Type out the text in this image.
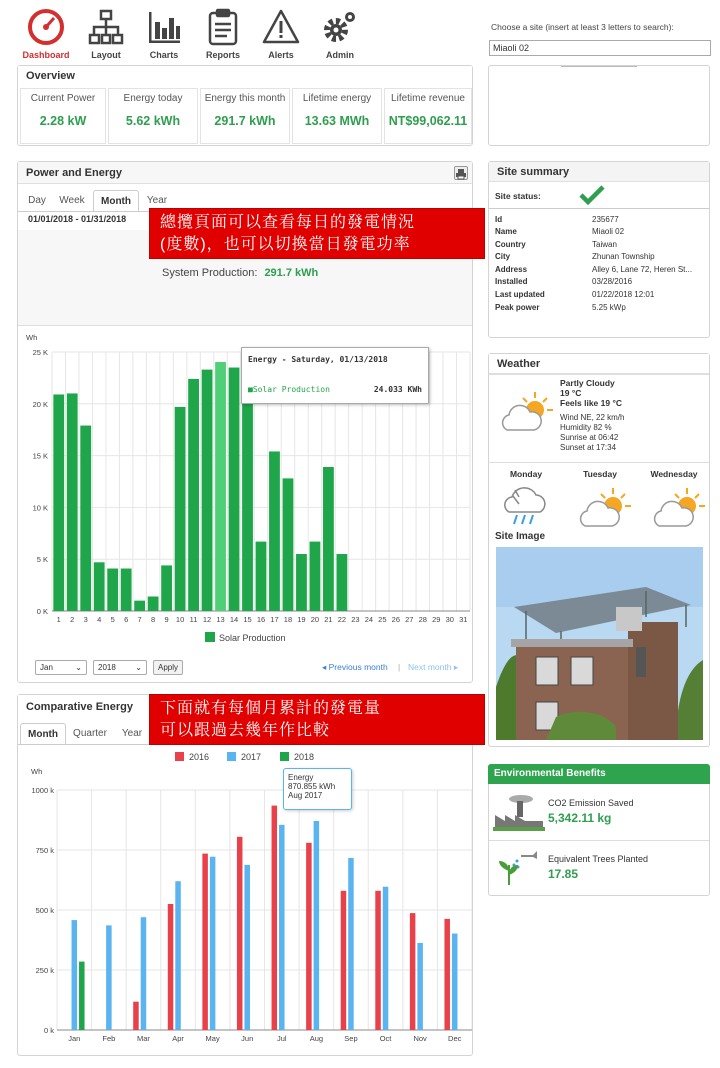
Dashboard	Layout	Charts	Reports	Alerts	Admin
Choose a site (insert at least 3 letters to search):
Miaoli 02
Overview
Current Power
2.28 kW
Energy today
5.62 kWh
Energy this month
291.7 kWh
Lifetime energy
13.63 MWh
Lifetime revenue
NT$99,062.11
Power and Energy
Day	Week	Month	Year
01/01/2018 - 01/31/2018
System Production: 291.7 kWh
Wh
0 K
5 K
10 K
15 K
20 K
25 K
1 2 3 4 5 6 7 8 9 10 11 12 13 14 15 16 17 18 19 20 21 22 23 24 25 26 27 28 29 30 31
Solar Production
Jan	⌄	2018 ⌄	Apply	◂ Previous month | Next month ▸
Energy - Saturday, 01/13/2018
■Solar Production	24.033 KWh
總攬頁面可以查看每日的發電情況
(度數)，也可以切換當日發電功率
Comparative Energy
Month	Quarter	Year
Wh
0 k
250 k
500 k
750 k
1000 k
Jan	Feb	Mar	Apr	May	Jun	Jul	Aug	Sep	Oct	Nov	Dec
2016	2017	2018
Energy
870.855 kWh
Aug 2017
下面就有每個月累計的發電量
可以跟過去幾年作比較
Site summary
Site status:
Id	235677
Name	Miaoli 02
Country	Taiwan
City	Zhunan Township
Address	Alley 6, Lane 72, Heren St...
Installed	03/28/2016
Last updated	01/22/2018 12:01
Peak power	5.25 kWp
Weather
Partly Cloudy
19 °C
Feels like 19 °C
Wind NE, 22 km/h
Humidity 82 %
Sunrise at 06:42
Sunset at 17:34
Monday	Tuesday	Wednesday
Site Image
Environmental Benefits
CO2 Emission Saved
5,342.11 kg
Equivalent Trees Planted
17.85
